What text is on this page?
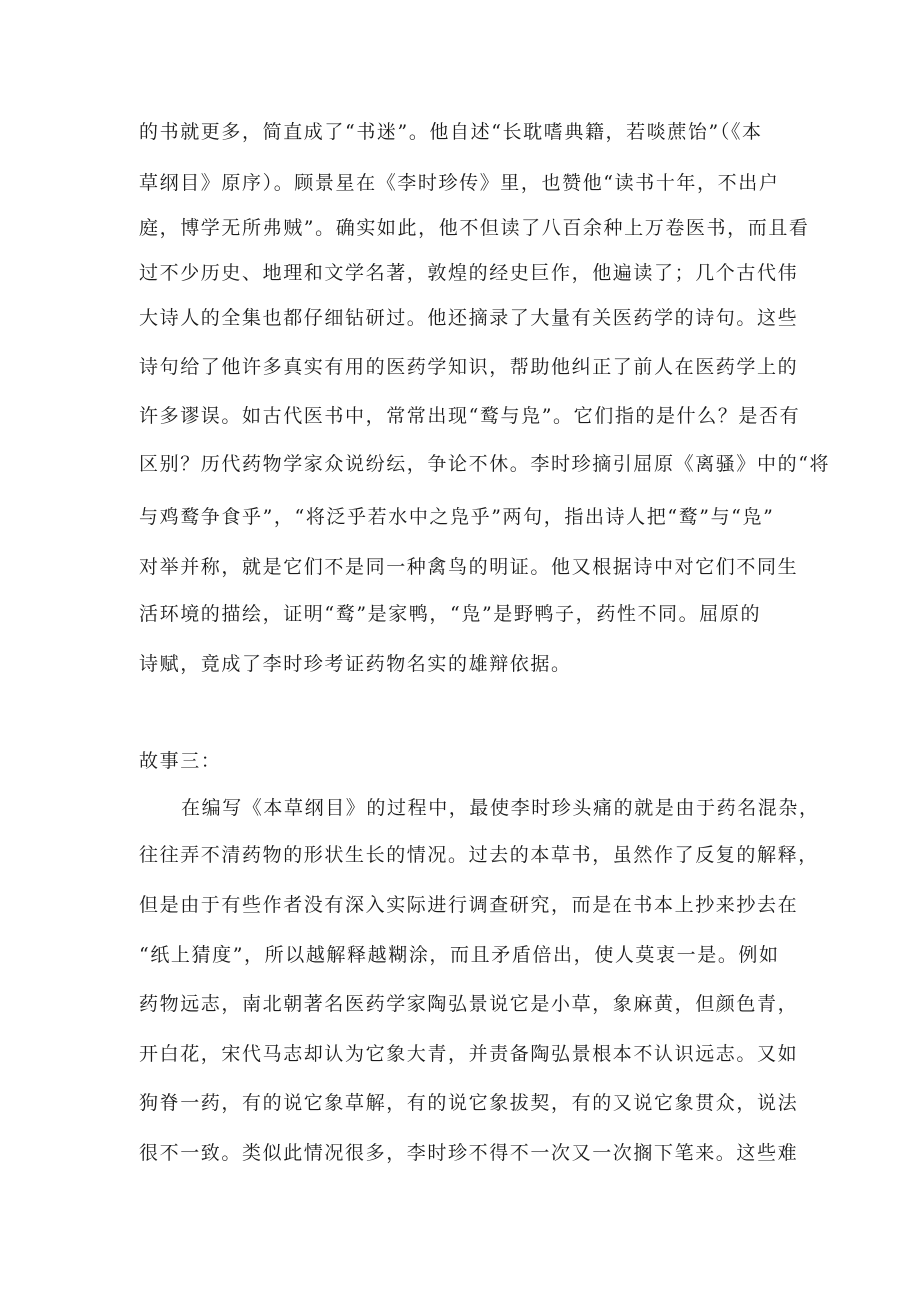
的书就更多，简直成了“书迷”。他自述“长耽嗜典籍，若啖蔗饴”（《本
草纲目》原序）。顾景星在《李时珍传》里，也赞他“读书十年，不出户
庭，博学无所弗贼”。确实如此，他不但读了八百余种上万卷医书，而且看
过不少历史、地理和文学名著，敦煌的经史巨作，他遍读了；几个古代伟
大诗人的全集也都仔细钻研过。他还摘录了大量有关医药学的诗句。这些
诗句给了他许多真实有用的医药学知识，帮助他纠正了前人在医药学上的
许多谬误。如古代医书中，常常出现“鹜与凫”。它们指的是什么？是否有
区别？历代药物学家众说纷纭，争论不休。李时珍摘引屈原《离骚》中的“将
与鸡鹜争食乎”，“将泛乎若水中之凫乎”两句，指出诗人把“鹜”与“凫”
对举并称，就是它们不是同一种禽鸟的明证。他又根据诗中对它们不同生
活环境的描绘，证明“鹜”是家鸭，“凫”是野鸭子，药性不同。屈原的
诗赋，竟成了李时珍考证药物名实的雄辩依据。
故事三：
在编写《本草纲目》的过程中，最使李时珍头痛的就是由于药名混杂，
往往弄不清药物的形状生长的情况。过去的本草书，虽然作了反复的解释，
但是由于有些作者没有深入实际进行调查研究，而是在书本上抄来抄去在
“纸上猜度”，所以越解释越糊涂，而且矛盾倍出，使人莫衷一是。例如
药物远志，南北朝著名医药学家陶弘景说它是小草，象麻黄，但颜色青，
开白花，宋代马志却认为它象大青，并责备陶弘景根本不认识远志。又如
狗脊一药，有的说它象草解，有的说它象拔契，有的又说它象贯众，说法
很不一致。类似此情况很多，李时珍不得不一次又一次搁下笔来。这些难
